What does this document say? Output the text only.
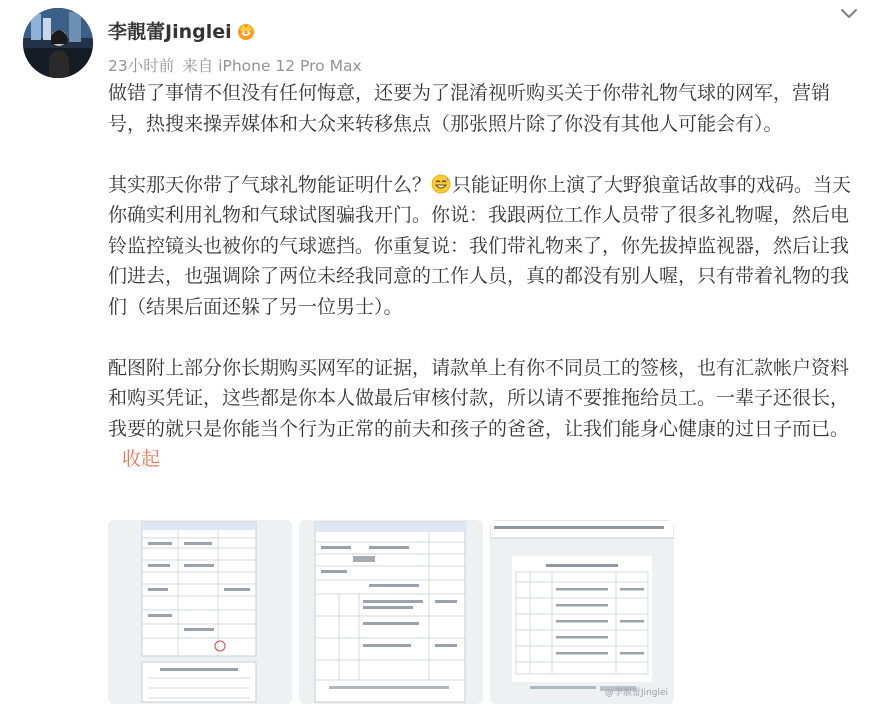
李靚蕾Jinglei
23小时前 来自 iPhone 12 Pro Max

做错了事情不但没有任何悔意，还要为了混淆视听购买关于你带礼物气球的网军，营销号，热搜来操弄媒体和大众来转移焦点（那张照片除了你没有其他人可能会有）。

其实那天你带了气球礼物能证明什么？ 只能证明你上演了大野狼童话故事的戏码。当天你确实利用礼物和气球试图骗我开门。你说：我跟两位工作人员带了很多礼物喔，然后电铃监控镜头也被你的气球遮挡。你重复说：我们带礼物来了，你先拔掉监视器，然后让我们进去，也强调除了两位未经我同意的工作人员，真的都没有别人喔，只有带着礼物的我们（结果后面还躲了另一位男士）。

配图附上部分你长期购买网军的证据，请款单上有你不同员工的签核，也有汇款帐户资料和购买凭证，这些都是你本人做最后审核付款，所以请不要推拖给员工。一辈子还很长，我要的就只是你能当个行为正常的前夫和孩子的爸爸，让我们能身心健康的过日子而已。收起

@李靚蕾Jinglei
